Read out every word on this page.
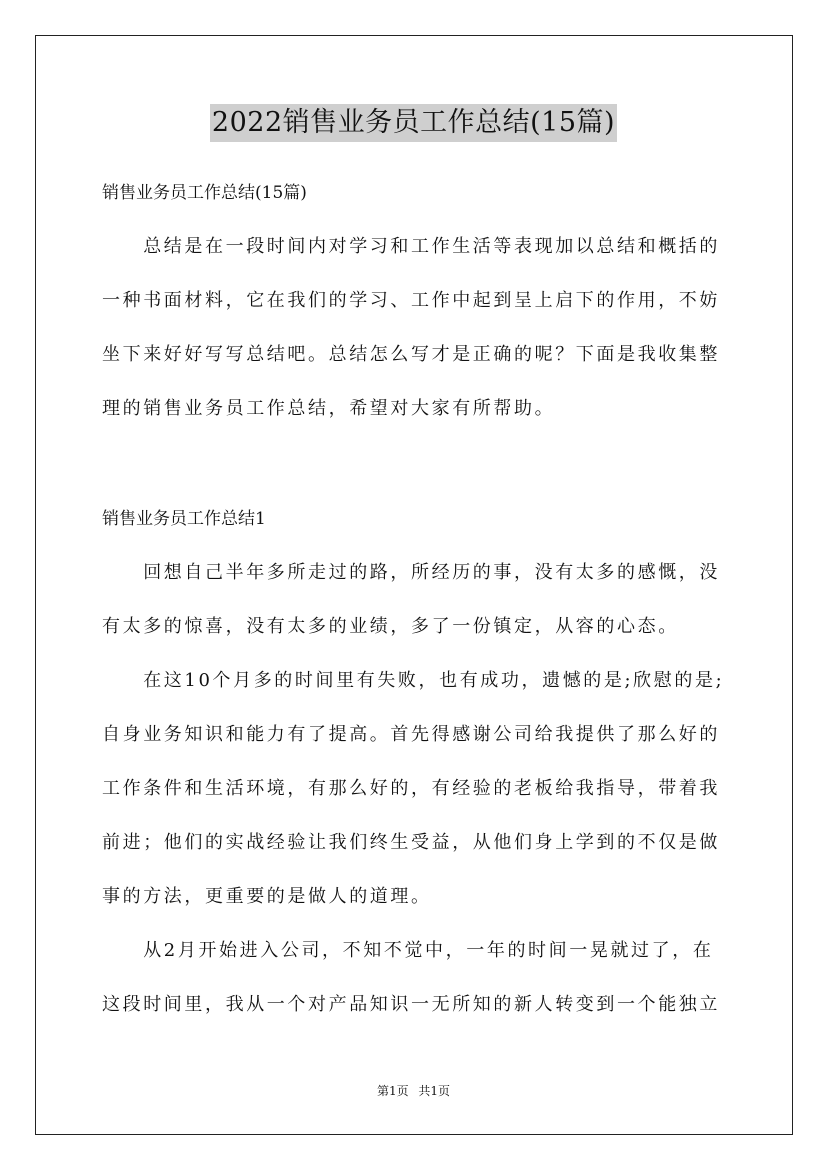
2022销售业务员工作总结(15篇)
销售业务员工作总结(15篇)
　　总结是在一段时间内对学习和工作生活等表现加以总结和概括的
一种书面材料，它在我们的学习、工作中起到呈上启下的作用，不妨
坐下来好好写写总结吧。总结怎么写才是正确的呢？下面是我收集整
理的销售业务员工作总结，希望对大家有所帮助。
销售业务员工作总结1
　　回想自己半年多所走过的路，所经历的事，没有太多的感慨，没
有太多的惊喜，没有太多的业绩，多了一份镇定，从容的心态。
　　在这10个月多的时间里有失败，也有成功，遗憾的是;欣慰的是;
自身业务知识和能力有了提高。首先得感谢公司给我提供了那么好的
工作条件和生活环境，有那么好的，有经验的老板给我指导，带着我
前进；他们的实战经验让我们终生受益，从他们身上学到的不仅是做
事的方法，更重要的是做人的道理。
　　从2月开始进入公司，不知不觉中，一年的时间一晃就过了，在
这段时间里，我从一个对产品知识一无所知的新人转变到一个能独立
第1页 共1页
